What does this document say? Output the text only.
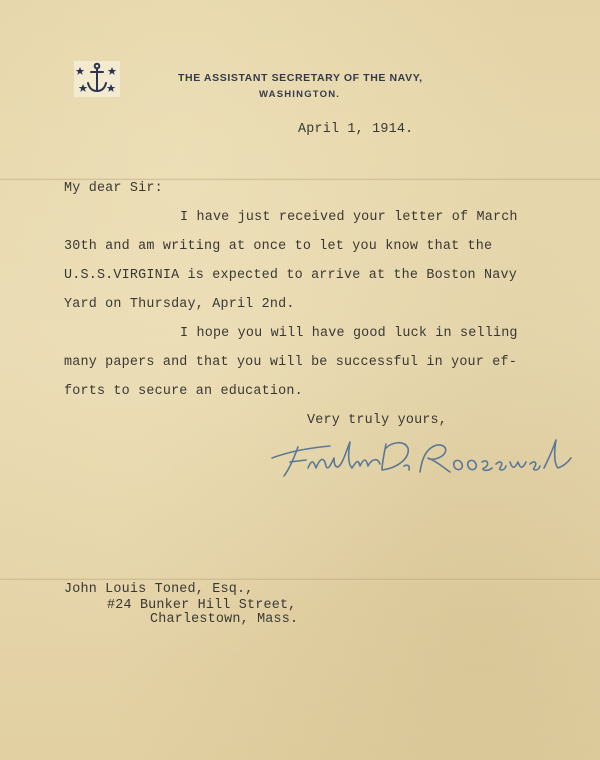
THE ASSISTANT SECRETARY OF THE NAVY,
WASHINGTON.
April 1, 1914.
My dear Sir:
I have just received your letter of March
30th and am writing at once to let you know that the
U.S.S.VIRGINIA is expected to arrive at the Boston Navy
Yard on Thursday, April 2nd.
I hope you will have good luck in selling
many papers and that you will be successful in your ef-
forts to secure an education.
Very truly yours,
John Louis Toned, Esq.,
#24 Bunker Hill Street,
Charlestown, Mass.
